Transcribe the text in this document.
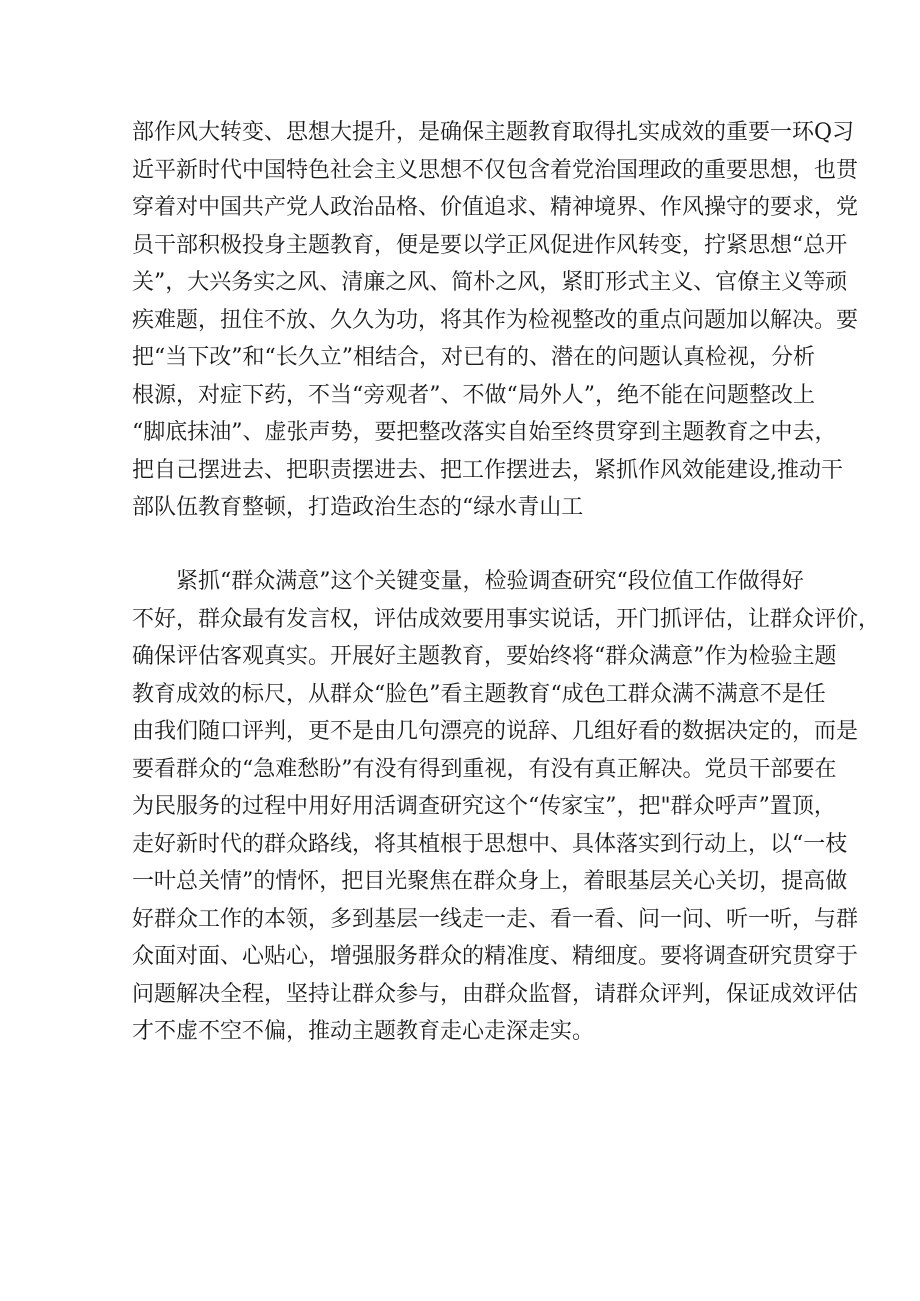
部作风大转变、思想大提升，是确保主题教育取得扎实成效的重要一环Q习
近平新时代中国特色社会主义思想不仅包含着党治国理政的重要思想，也贯
穿着对中国共产党人政治品格、价值追求、精神境界、作风操守的要求，党
员干部积极投身主题教育，便是要以学正风促进作风转变，拧紧思想“总开
关”，大兴务实之风、清廉之风、简朴之风，紧盯形式主义、官僚主义等顽
疾难题，扭住不放、久久为功，将其作为检视整改的重点问题加以解决。要
把“当下改”和“长久立”相结合，对已有的、潜在的问题认真检视，分析
根源，对症下药，不当“旁观者”、不做“局外人”，绝不能在问题整改上
“脚底抹油”、虚张声势，要把整改落实自始至终贯穿到主题教育之中去，
把自己摆进去、把职责摆进去、把工作摆进去，紧抓作风效能建设,推动干
部队伍教育整顿，打造政治生态的“绿水青山工
紧抓“群众满意”这个关键变量，检验调查研究“段位值工作做得好
不好，群众最有发言权，评估成效要用事实说话，开门抓评估，让群众评价，
确保评估客观真实。开展好主题教育，要始终将“群众满意”作为检验主题
教育成效的标尺，从群众“脸色”看主题教育“成色工群众满不满意不是任
由我们随口评判，更不是由几句漂亮的说辞、几组好看的数据决定的，而是
要看群众的“急难愁盼”有没有得到重视，有没有真正解决。党员干部要在
为民服务的过程中用好用活调查研究这个“传家宝”，把"群众呼声”置顶，
走好新时代的群众路线，将其植根于思想中、具体落实到行动上，以“一枝
一叶总关情”的情怀，把目光聚焦在群众身上，着眼基层关心关切，提高做
好群众工作的本领，多到基层一线走一走、看一看、问一问、听一听，与群
众面对面、心贴心，增强服务群众的精准度、精细度。要将调查研究贯穿于
问题解决全程，坚持让群众参与，由群众监督，请群众评判，保证成效评估
才不虚不空不偏，推动主题教育走心走深走实。
